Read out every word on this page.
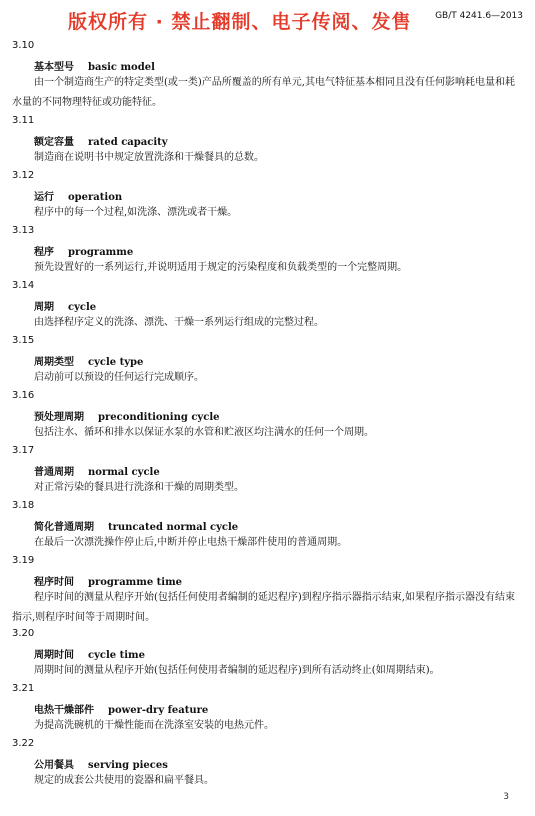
版权所有 · 禁止翻制、电子传阅、发售	GB/T 4241.6—2013
3.10
基本型号 basic model
由一个制造商生产的特定类型(或一类)产品所覆盖的所有单元,其电气特征基本相同且没有任何影响耗电量和耗水量的不同物理特征或功能特征。
3.11
额定容量 rated capacity
制造商在说明书中规定放置洗涤和干燥餐具的总数。
3.12
运行 operation
程序中的每一个过程,如洗涤、漂洗或者干燥。
3.13
程序 programme
预先设置好的一系列运行,并说明适用于规定的污染程度和负载类型的一个完整周期。
3.14
周期 cycle
由选择程序定义的洗涤、漂洗、干燥一系列运行组成的完整过程。
3.15
周期类型 cycle type
启动前可以预设的任何运行完成顺序。
3.16
预处理周期 preconditioning cycle
包括注水、循环和排水以保证水泵的水管和贮液区均注满水的任何一个周期。
3.17
普通周期 normal cycle
对正常污染的餐具进行洗涤和干燥的周期类型。
3.18
简化普通周期 truncated normal cycle
在最后一次漂洗操作停止后,中断并停止电热干燥部件使用的普通周期。
3.19
程序时间 programme time
程序时间的测量从程序开始(包括任何使用者编制的延迟程序)到程序指示器指示结束,如果程序指示器没有结束指示,则程序时间等于周期时间。
3.20
周期时间 cycle time
周期时间的测量从程序开始(包括任何使用者编制的延迟程序)到所有活动终止(如周期结束)。
3.21
电热干燥部件 power-dry feature
为提高洗碗机的干燥性能而在洗涤室安装的电热元件。
3.22
公用餐具 serving pieces
规定的成套公共使用的瓷器和扁平餐具。
3
